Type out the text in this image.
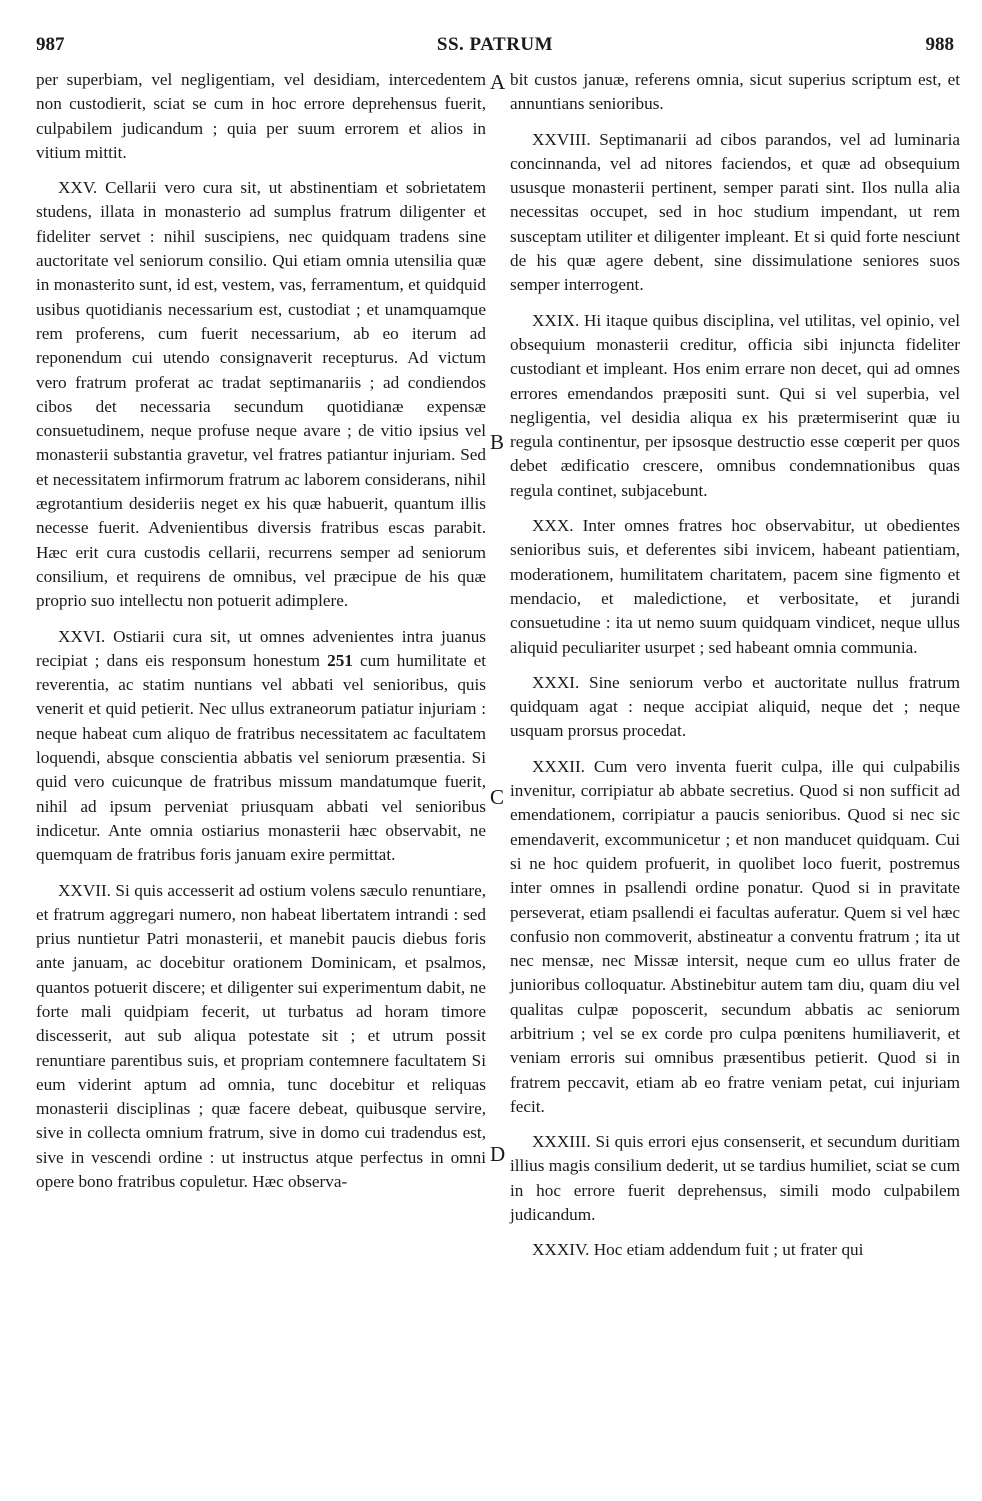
987	SS. PATRUM	988

per superbiam, vel negligentiam, vel desidiam, intercedentem non custodierit, sciat se cum in hoc errore deprehensus fuerit, culpabilem judicandum ; quia per suum errorem et alios in vitium mittit.

XXV. Cellarii vero cura sit, ut abstinentiam et sobrietatem studens, illata in monasterio ad sumplus fratrum diligenter et fideliter servet : nihil suscipiens, nec quidquam tradens sine auctoritate vel seniorum consilio. Qui etiam omnia utensilia quæ in monasterito sunt, id est, vestem, vas, ferramentum, et quidquid usibus quotidianis necessarium est, custodiat ; et unamquamque rem proferens, cum fuerit necessarium, ab eo iterum ad reponendum cui utendo consignaverit recepturus. Ad victum vero fratrum proferat ac tradat septimanariis ; ad condiendos cibos det necessaria secundum quotidianæ expensæ consuetudinem, neque profuse neque avare ; de vitio ipsius vel monasterii substantia gravetur, vel fratres patiantur injuriam. Sed et necessitatem infirmorum fratrum ac laborem considerans, nihil ægrotantium desideriis neget ex his quæ habuerit, quantum illis necesse fuerit. Advenientibus diversis fratribus escas parabit. Hæc erit cura custodis cellarii, recurrens semper ad seniorum consilium, et requirens de omnibus, vel præcipue de his quæ proprio suo intellectu non potuerit adimplere.

XXVI. Ostiarii cura sit, ut omnes advenientes intra juanus recipiat ; dans eis responsum honestum 251 cum humilitate et reverentia, ac statim nuntians vel abbati vel senioribus, quis venerit et quid petierit. Nec ullus extraneorum patiatur injuriam : neque habeat cum aliquo de fratribus necessitatem ac facultatem loquendi, absque conscientia abbatis vel seniorum præsentia. Si quid vero cuicunque de fratribus missum mandatumque fuerit, nihil ad ipsum perveniat priusquam abbati vel senioribus indicetur. Ante omnia ostiarius monasterii hæc observabit, ne quemquam de fratribus foris januam exire permittat.

XXVII. Si quis accesserit ad ostium volens sæculo renuntiare, et fratrum aggregari numero, non habeat libertatem intrandi : sed prius nuntietur Patri monasterii, et manebit paucis diebus foris ante januam, ac docebitur orationem Dominicam, et psalmos, quantos potuerit discere; et diligenter sui experimentum dabit, ne forte mali quidpiam fecerit, ut turbatus ad horam timore discesserit, aut sub aliqua potestate sit ; et utrum possit renuntiare parentibus suis, et propriam contemnere facultatem Si eum viderint aptum ad omnia, tunc docebitur et reliquas monasterii disciplinas ; quæ facere debeat, quibusque servire, sive in collecta omnium fratrum, sive in domo cui tradendus est, sive in vescendi ordine : ut instructus atque perfectus in omni opere bono fratribus copuletur. Hæc observa-

bit custos januæ, referens omnia, sicut superius scriptum est, et annuntians senioribus.

XXVIII. Septimanarii ad cibos parandos, vel ad luminaria concinnanda, vel ad nitores faciendos, et quæ ad obsequium ususque monasterii pertinent, semper parati sint. Ilos nulla alia necessitas occupet, sed in hoc studium impendant, ut rem susceptam utiliter et diligenter impleant. Et si quid forte nesciunt de his quæ agere debent, sine dissimulatione seniores suos semper interrogent.

XXIX. Hi itaque quibus disciplina, vel utilitas, vel opinio, vel obsequium monasterii creditur, officia sibi injuncta fideliter custodiant et impleant. Hos enim errare non decet, qui ad omnes errores emendandos præpositi sunt. Qui si vel superbia, vel negligentia, vel desidia aliqua ex his prætermiserint quæ iu regula continentur, per ipsosque destructio esse cœperit per quos debet ædificatio crescere, omnibus condemnationibus quas regula continet, subjacebunt.

XXX. Inter omnes fratres hoc observabitur, ut obedientes senioribus suis, et deferentes sibi invicem, habeant patientiam, moderationem, humilitatem charitatem, pacem sine figmento et mendacio, et maledictione, et verbositate, et jurandi consuetudine : ita ut nemo suum quidquam vindicet, neque ullus aliquid peculiariter usurpet ; sed habeant omnia communia.

XXXI. Sine seniorum verbo et auctoritate nullus fratrum quidquam agat : neque accipiat aliquid, neque det ; neque usquam prorsus procedat.

XXXII. Cum vero inventa fuerit culpa, ille qui culpabilis invenitur, corripiatur ab abbate secretius. Quod si non sufficit ad emendationem, corripiatur a paucis senioribus. Quod si nec sic emendaverit, excommunicetur ; et non manducet quidquam. Cui si ne hoc quidem profuerit, in quolibet loco fuerit, postremus inter omnes in psallendi ordine ponatur. Quod si in pravitate perseverat, etiam psallendi ei facultas auferatur. Quem si vel hæc confusio non commoverit, abstineatur a conventu fratrum ; ita ut nec mensæ, nec Missæ intersit, neque cum eo ullus frater de junioribus colloquatur. Abstinebitur autem tam diu, quam diu vel qualitas culpæ poposcerit, secundum abbatis ac seniorum arbitrium ; vel se ex corde pro culpa pœnitens humiliaverit, et veniam erroris sui omnibus præsentibus petierit. Quod si in fratrem peccavit, etiam ab eo fratre veniam petat, cui injuriam fecit.

XXXIII. Si quis errori ejus consenserit, et secundum duritiam illius magis consilium dederit, ut se tardius humiliet, sciat se cum in hoc errore fuerit deprehensus, simili modo culpabilem judicandum.

XXXIV. Hoc etiam addendum fuit ; ut frater qui

A
B
C
D
